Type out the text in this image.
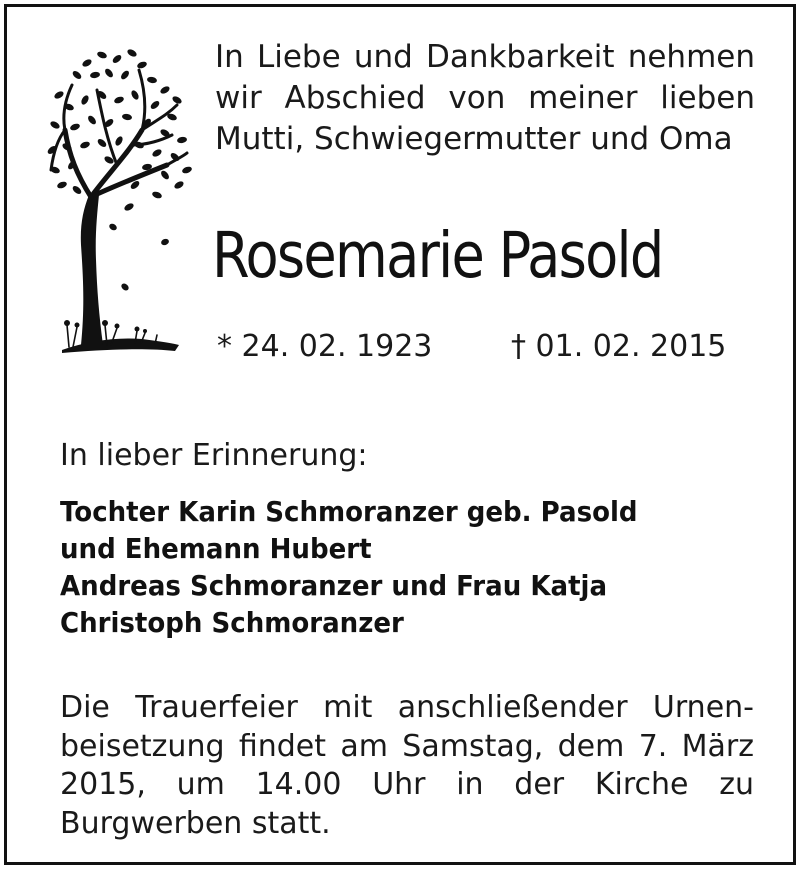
In Liebe und Dankbarkeit nehmen
wir Abschied von meiner lieben
Mutti, Schwiegermutter und Oma
Rosemarie Pasold
* 24. 02. 1923	† 01. 02. 2015
In lieber Erinnerung:
Tochter Karin Schmoranzer geb. Pasold
und Ehemann Hubert
Andreas Schmoranzer und Frau Katja
Christoph Schmoranzer
Die Trauerfeier mit anschließender Urnen-
beisetzung findet am Samstag, dem 7. März
2015, um 14.00 Uhr in der Kirche zu
Burgwerben statt.
